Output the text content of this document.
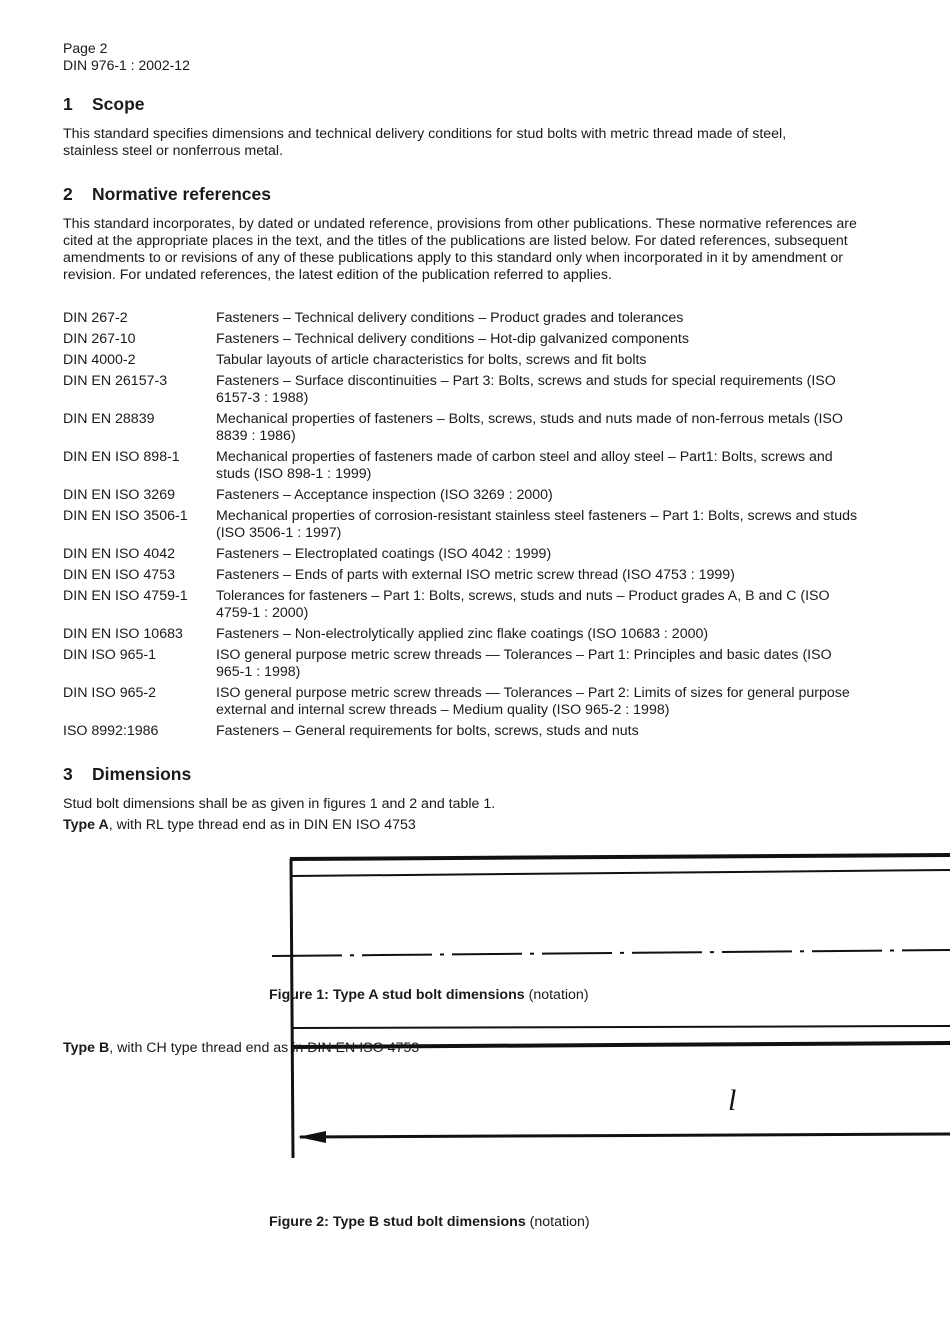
Page 2
DIN 976-1 : 2002-12
1 Scope
This standard specifies dimensions and technical delivery conditions for stud bolts with metric thread made of steel, stainless steel or nonferrous metal.
2 Normative references
This standard incorporates, by dated or undated reference, provisions from other publications. These normative references are cited at the appropriate places in the text, and the titles of the publications are listed below. For dated references, subsequent amendments to or revisions of any of these publications apply to this standard only when incorporated in it by amendment or revision. For undated references, the latest edition of the publication referred to applies.
DIN 267-2	Fasteners – Technical delivery conditions – Product grades and tolerances
DIN 267-10	Fasteners – Technical delivery conditions – Hot-dip galvanized components
DIN 4000-2	Tabular layouts of article characteristics for bolts, screws and fit bolts
DIN EN 26157-3	Fasteners – Surface discontinuities – Part 3: Bolts, screws and studs for special requirements (ISO 6157-3 : 1988)
DIN EN 28839	Mechanical properties of fasteners – Bolts, screws, studs and nuts made of non-ferrous metals (ISO 8839 : 1986)
DIN EN ISO 898-1	Mechanical properties of fasteners made of carbon steel and alloy steel – Part1: Bolts, screws and studs (ISO 898-1 : 1999)
DIN EN ISO 3269	Fasteners – Acceptance inspection (ISO 3269 : 2000)
DIN EN ISO 3506-1	Mechanical properties of corrosion-resistant stainless steel fasteners – Part 1: Bolts, screws and studs (ISO 3506-1 : 1997)
DIN EN ISO 4042	Fasteners – Electroplated coatings (ISO 4042 : 1999)
DIN EN ISO 4753	Fasteners – Ends of parts with external ISO metric screw thread (ISO 4753 : 1999)
DIN EN ISO 4759-1	Tolerances for fasteners – Part 1: Bolts, screws, studs and nuts – Product grades A, B and C (ISO 4759-1 : 2000)
DIN EN ISO 10683	Fasteners – Non-electrolytically applied zinc flake coatings (ISO 10683 : 2000)
DIN ISO 965-1	ISO general purpose metric screw threads — Tolerances – Part 1: Principles and basic dates (ISO 965-1 : 1998)
DIN ISO 965-2	ISO general purpose metric screw threads — Tolerances – Part 2: Limits of sizes for general purpose external and internal screw threads – Medium quality (ISO 965-2 : 1998)
ISO 8992:1986	Fasteners – General requirements for bolts, screws, studs and nuts
3 Dimensions
Stud bolt dimensions shall be as given in figures 1 and 2 and table 1.
Type A, with RL type thread end as in DIN EN ISO 4753
l
Figure 1: Type A stud bolt dimensions (notation)
Type B, with CH type thread end as in DIN EN ISO 4753
Figure 2: Type B stud bolt dimensions (notation)
